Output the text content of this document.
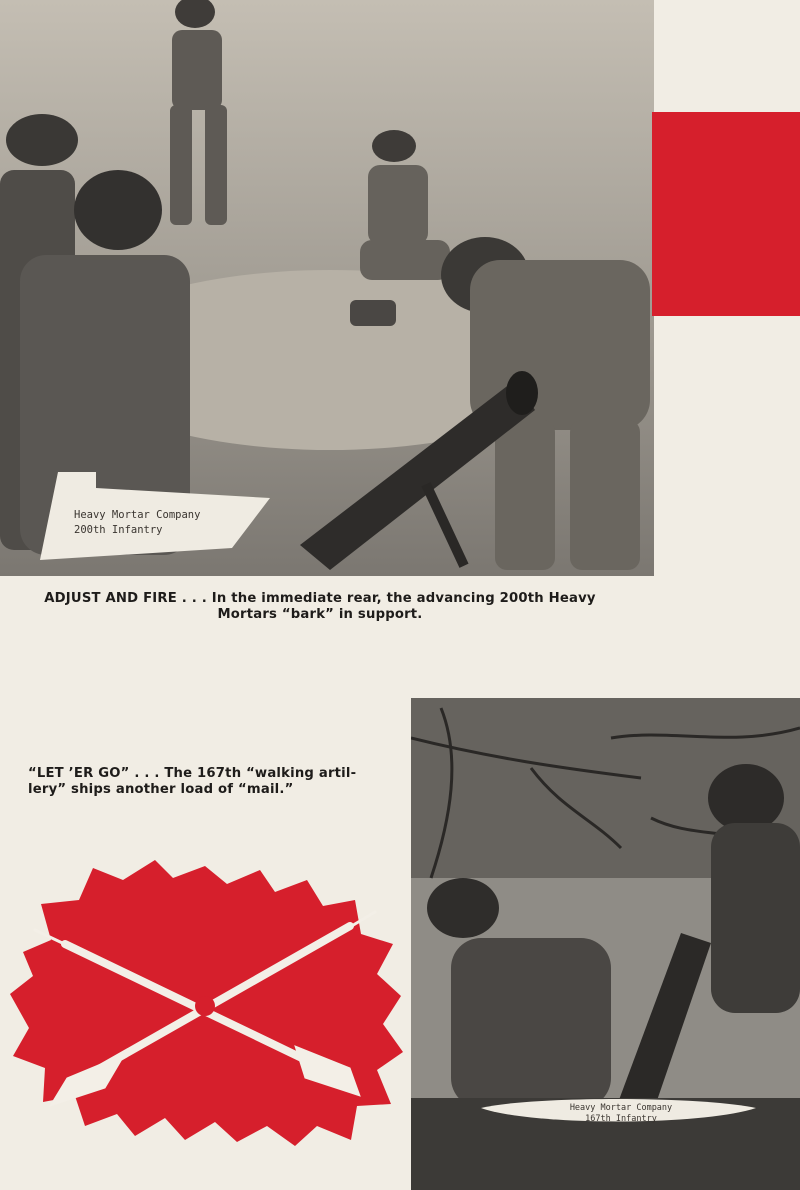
Heavy Mortar Company
200th Infantry

ADJUST AND FIRE . . . In the immediate rear, the advancing 200th Heavy Mortars “bark” in support.

“LET ’ER GO” . . . The 167th “walking artil-lery” ships another load of “mail.”

Heavy Mortar Company
167th Infantry
